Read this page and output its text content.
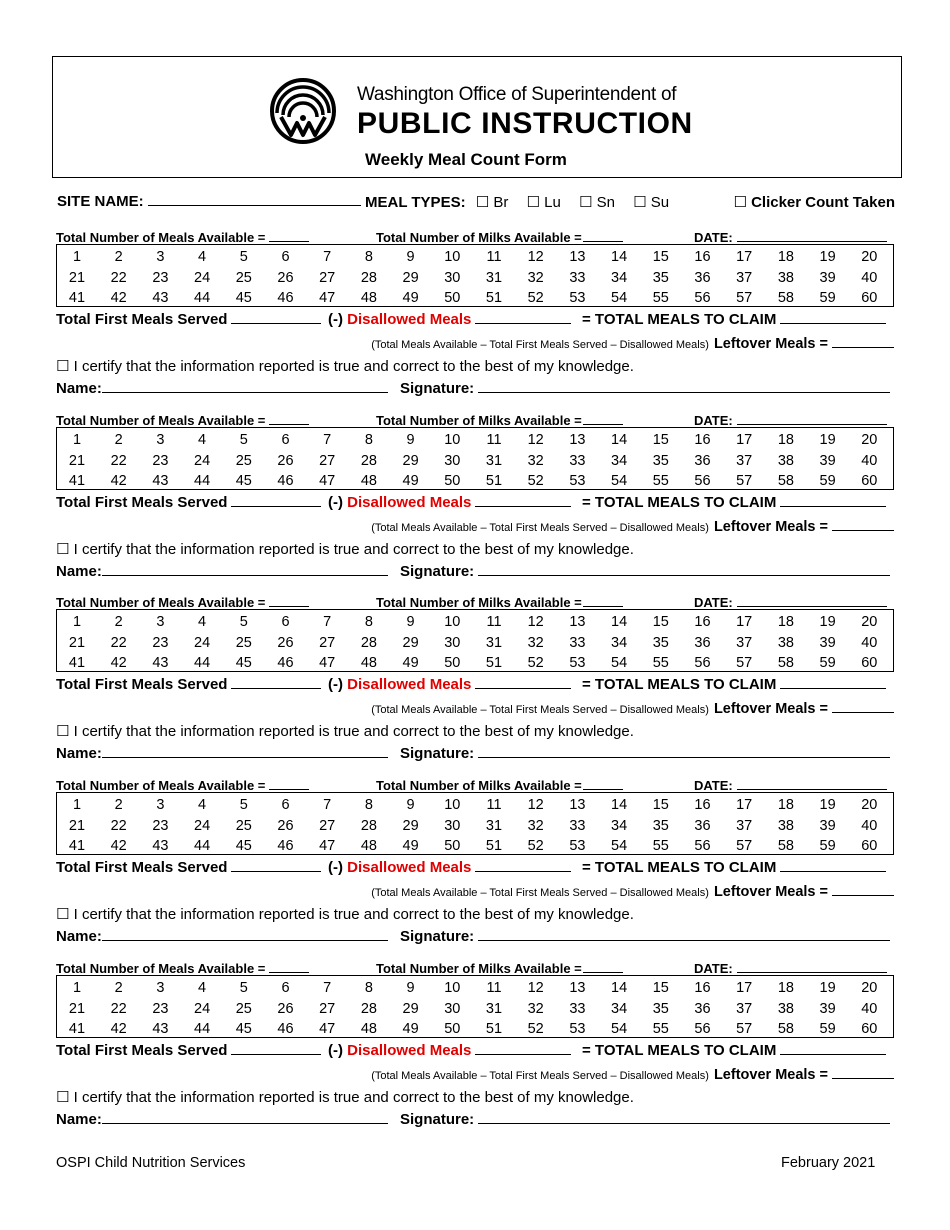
Washington Office of Superintendent of
PUBLIC INSTRUCTION
Weekly Meal Count Form
SITE NAME:	MEAL TYPES: ☐ Br ☐ Lu ☐ Sn ☐ Su	☐ Clicker Count Taken
Total Number of Meals Available =	Total Number of Milks Available =	DATE:
1	2	3	4	5	6	7	8	9	10	11	12	13	14	15	16	17	18	19	20
21	22	23	24	25	26	27	28	29	30	31	32	33	34	35	36	37	38	39	40
41	42	43	44	45	46	47	48	49	50	51	52	53	54	55	56	57	58	59	60
Total First Meals Served	(-) Disallowed Meals	= TOTAL MEALS TO CLAIM
(Total Meals Available – Total First Meals Served – Disallowed Meals) Leftover Meals =
☐ I certify that the information reported is true and correct to the best of my knowledge.
Name:	Signature:
Total Number of Meals Available =	Total Number of Milks Available =	DATE:
1	2	3	4	5	6	7	8	9	10	11	12	13	14	15	16	17	18	19	20
21	22	23	24	25	26	27	28	29	30	31	32	33	34	35	36	37	38	39	40
41	42	43	44	45	46	47	48	49	50	51	52	53	54	55	56	57	58	59	60
Total First Meals Served	(-) Disallowed Meals	= TOTAL MEALS TO CLAIM
(Total Meals Available – Total First Meals Served – Disallowed Meals) Leftover Meals =
☐ I certify that the information reported is true and correct to the best of my knowledge.
Name:	Signature:
Total Number of Meals Available =	Total Number of Milks Available =	DATE:
1	2	3	4	5	6	7	8	9	10	11	12	13	14	15	16	17	18	19	20
21	22	23	24	25	26	27	28	29	30	31	32	33	34	35	36	37	38	39	40
41	42	43	44	45	46	47	48	49	50	51	52	53	54	55	56	57	58	59	60
Total First Meals Served	(-) Disallowed Meals	= TOTAL MEALS TO CLAIM
(Total Meals Available – Total First Meals Served – Disallowed Meals) Leftover Meals =
☐ I certify that the information reported is true and correct to the best of my knowledge.
Name:	Signature:
Total Number of Meals Available =	Total Number of Milks Available =	DATE:
1	2	3	4	5	6	7	8	9	10	11	12	13	14	15	16	17	18	19	20
21	22	23	24	25	26	27	28	29	30	31	32	33	34	35	36	37	38	39	40
41	42	43	44	45	46	47	48	49	50	51	52	53	54	55	56	57	58	59	60
Total First Meals Served	(-) Disallowed Meals	= TOTAL MEALS TO CLAIM
(Total Meals Available – Total First Meals Served – Disallowed Meals) Leftover Meals =
☐ I certify that the information reported is true and correct to the best of my knowledge.
Name:	Signature:
Total Number of Meals Available =	Total Number of Milks Available =	DATE:
1	2	3	4	5	6	7	8	9	10	11	12	13	14	15	16	17	18	19	20
21	22	23	24	25	26	27	28	29	30	31	32	33	34	35	36	37	38	39	40
41	42	43	44	45	46	47	48	49	50	51	52	53	54	55	56	57	58	59	60
Total First Meals Served	(-) Disallowed Meals	= TOTAL MEALS TO CLAIM
(Total Meals Available – Total First Meals Served – Disallowed Meals) Leftover Meals =
☐ I certify that the information reported is true and correct to the best of my knowledge.
Name:	Signature:
OSPI Child Nutrition Services	February 2021
